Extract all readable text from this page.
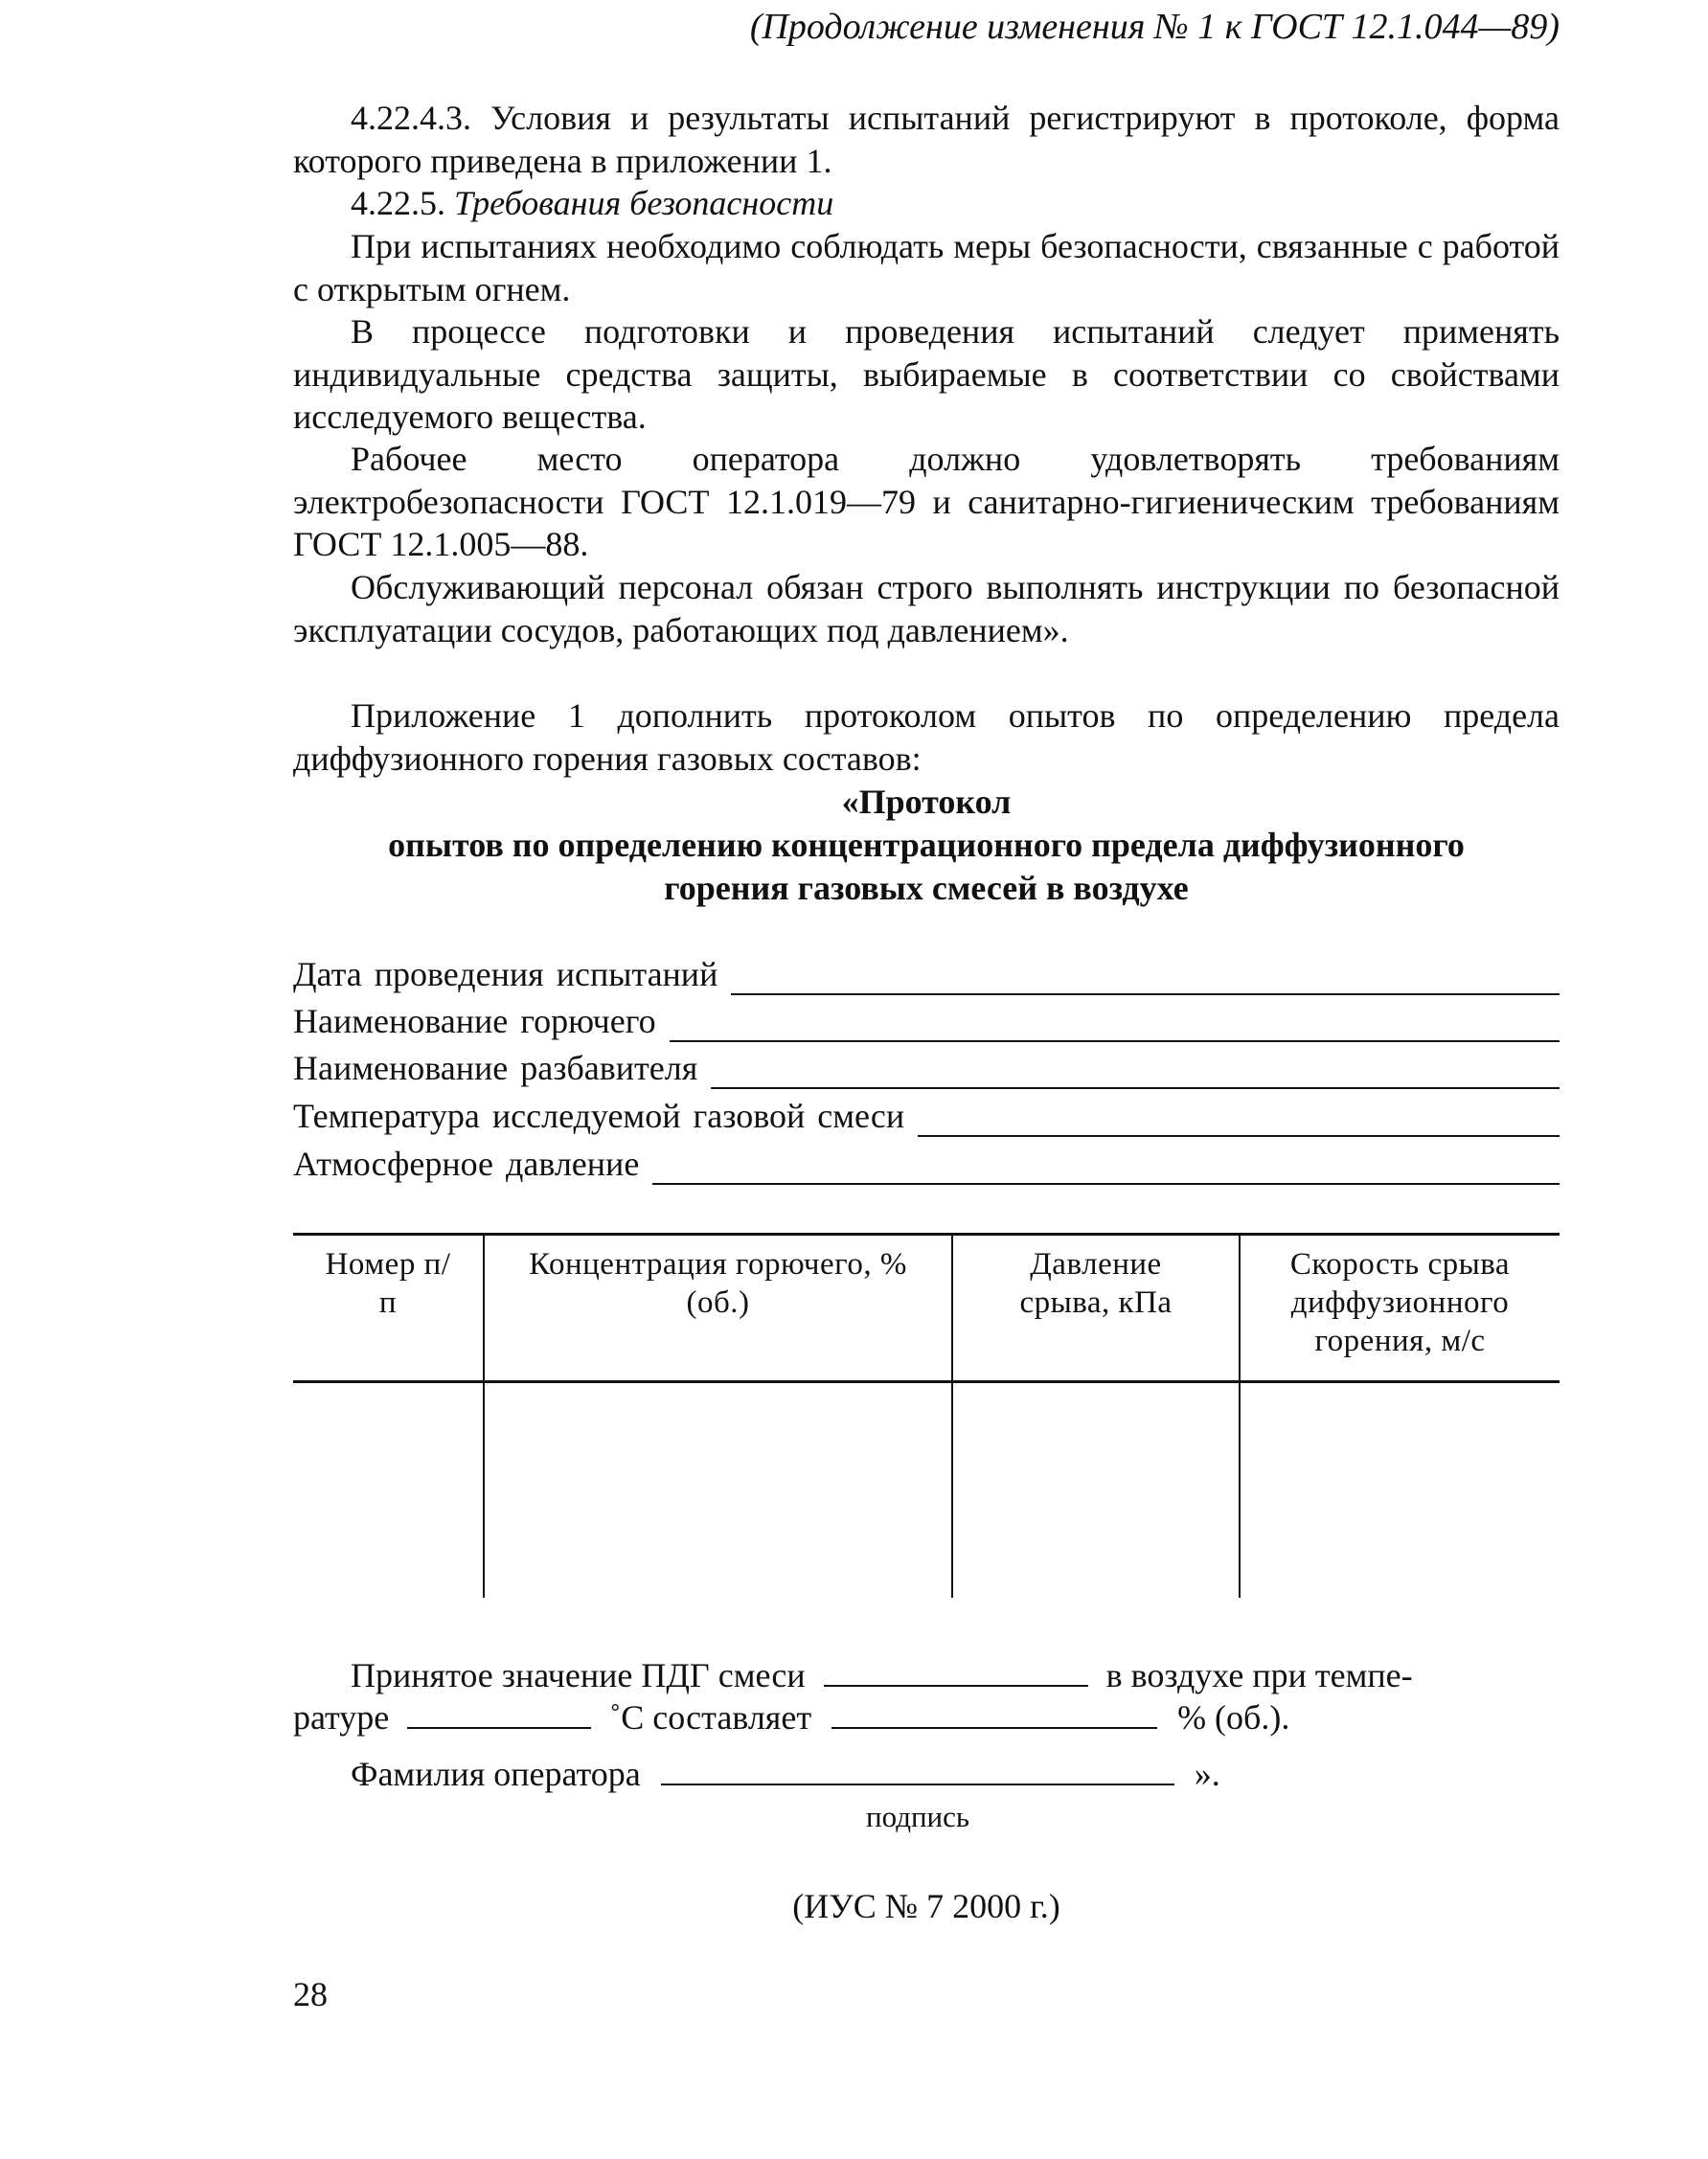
(Продолжение изменения № 1 к ГОСТ 12.1.044—89)

4.22.4.3. Условия и результаты испытаний регистрируют в протоколе, форма которого приведена в приложении 1.

4.22.5. Требования безопасности

При испытаниях необходимо соблюдать меры безопасности, связанные с работой с открытым огнем.

В процессе подготовки и проведения испытаний следует применять индивидуальные средства защиты, выбираемые в соответствии со свойствами исследуемого вещества.

Рабочее место оператора должно удовлетворять требованиям электробезопасности ГОСТ 12.1.019—79 и санитарно-гигиеническим требованиям ГОСТ 12.1.005—88.

Обслуживающий персонал обязан строго выполнять инструкции по безопасной эксплуатации сосудов, работающих под давлением».

Приложение 1 дополнить протоколом опытов по определению предела диффузионного горения газовых составов:

«Протокол
опытов по определению концентрационного предела диффузионного
горения газовых смесей в воздухе
Дата проведения испытаний
Наименование горючего
Наименование разбавителя
Температура исследуемой газовой смеси
Атмосферное давление
Номер п/п	Концентрация горючего, % (об.)	Давление срыва, кПа	Скорость срыва диффузионного горения, м/с

Принятое значение ПДГ смеси	в воздухе при темпе-
ратуре	˚С составляет	% (об.).
Фамилия оператора	».
подпись
(ИУС № 7 2000 г.)
28
